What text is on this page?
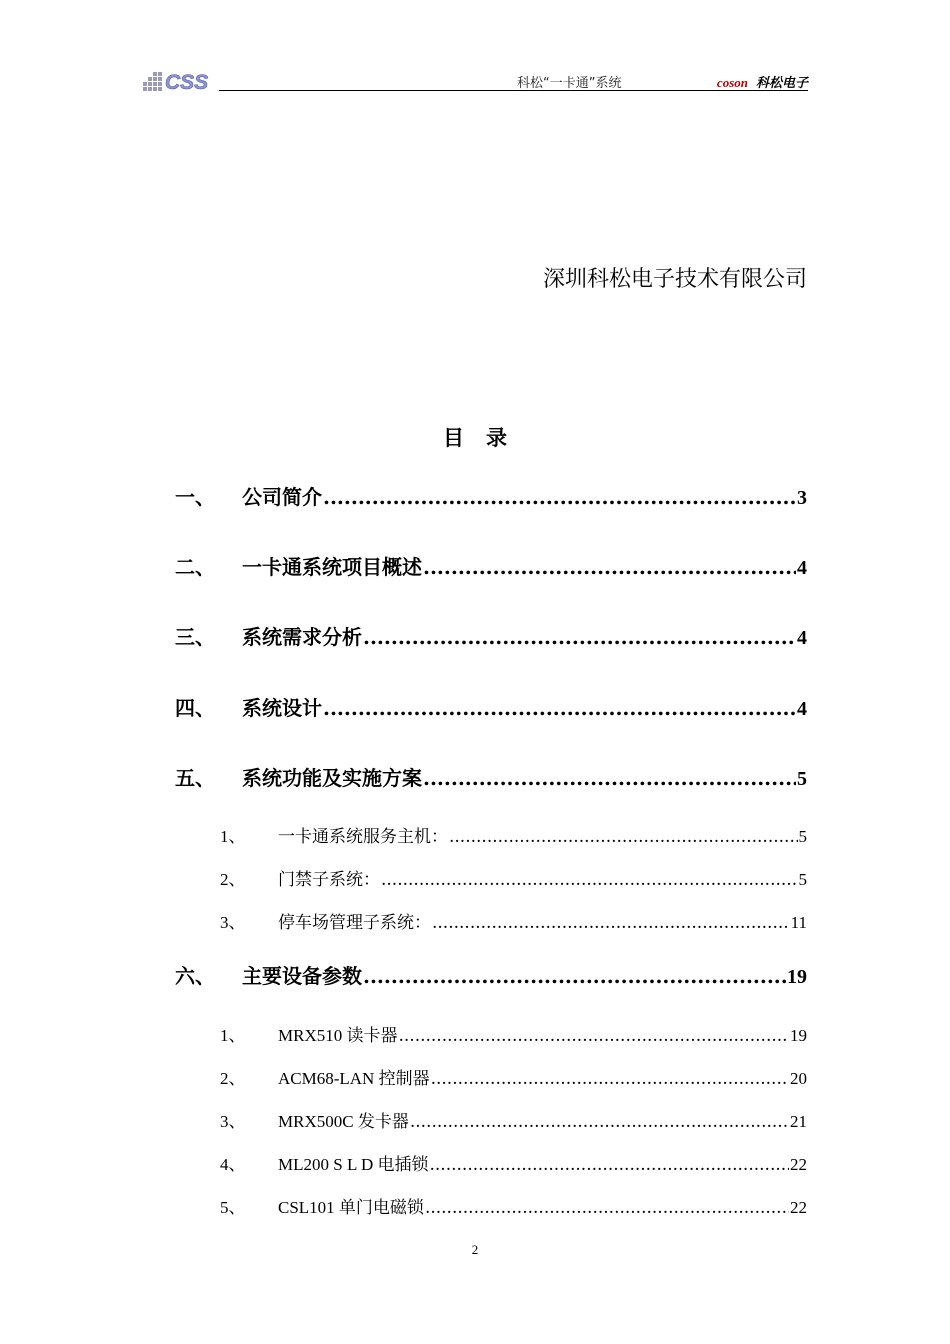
CSS	科松“一卡通”系统	coson 科松电子
深圳科松电子技术有限公司
目录
一、	公司简介 .....	3
二、	一卡通系统项目概述 .....	4
三、	系统需求分析 .....	4
四、	系统设计 .....	4
五、	系统功能及实施方案 .....	5
1、	一卡通系统服务主机： .....	5
2、	门禁子系统： .....	5
3、	停车场管理子系统： .....	11
六、	主要设备参数 .....	19
1、	MRX510 读卡器 .....	19
2、	ACM68-LAN 控制器 .....	20
3、	MRX500C 发卡器 .....	21
4、	ML200 S L D 电插锁 .....	22
5、	CSL101 单门电磁锁 .....	22
2
